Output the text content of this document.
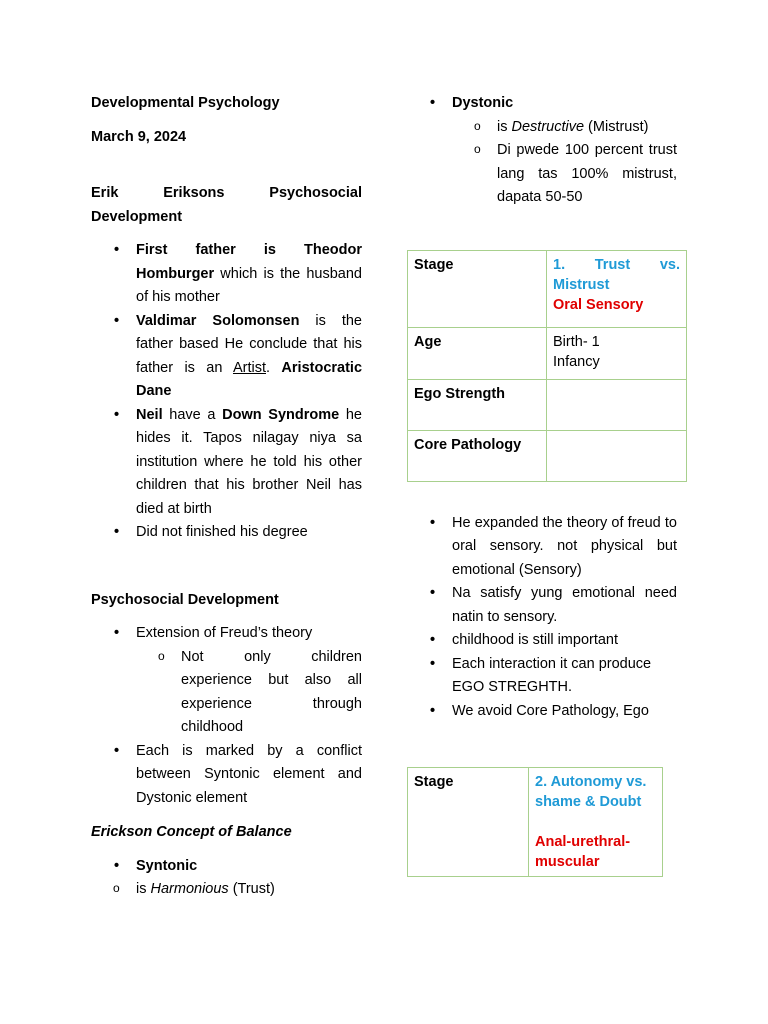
Developmental Psychology

March 9, 2024

Erik Eriksons Psychosocial Development

• First father is Theodor Homburger which is the husband of his mother
• Valdimar Solomonsen is the father based He conclude that his father is an Artist. Aristocratic Dane
• Neil have a Down Syndrome he hides it. Tapos nilagay niya sa institution where he told his other children that his brother Neil has died at birth
• Did not finished his degree

Psychosocial Development

• Extension of Freud’s theory
o Not only children experience but also all experience through childhood
• Each is marked by a conflict between Syntonic element and Dystonic element

Erickson Concept of Balance

• Syntonic
o is Harmonious (Trust)
• Dystonic
o is Destructive (Mistrust)
o Di pwede 100 percent trust lang tas 100% mistrust, dapata 50-50
Stage	1. Trust vs. Mistrust
Oral Sensory

Age	Birth- 1
Infancy

Ego Strength	
Core Pathology	
• He expanded the theory of freud to oral sensory. not physical but emotional (Sensory)
• Na satisfy yung emotional need natin to sensory.
• childhood is still important
• Each interaction it can produce EGO STREGHTH.
• We avoid Core Pathology, Ego
Stage	2. Autonomy vs. shame & Doubt
Anal-urethral-muscular
